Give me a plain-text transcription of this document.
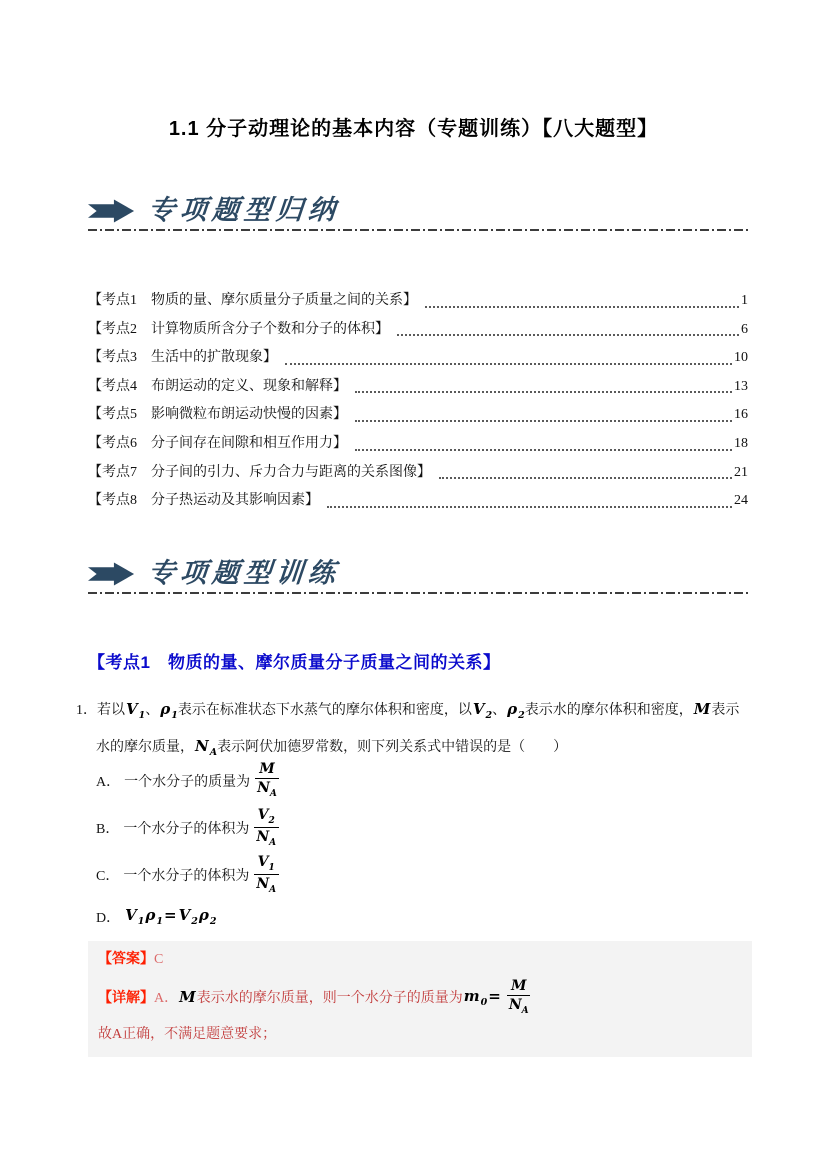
1.1 分子动理论的基本内容（专题训练）【八大题型】
专项题型归纳
【考点1　物质的量、摩尔质量分子质量之间的关系】	1
【考点2　计算物质所含分子个数和分子的体积】	6
【考点3　生活中的扩散现象】	10
【考点4　布朗运动的定义、现象和解释】	13
【考点5　影响微粒布朗运动快慢的因素】	16
【考点6　分子间存在间隙和相互作用力】	18
【考点7　分子间的引力、斥力合力与距离的关系图像】	21
【考点8　分子热运动及其影响因素】	24
专项题型训练
【考点1　物质的量、摩尔质量分子质量之间的关系】
1．若以$V_1$、$\rho_1$表示在标准状态下水蒸气的摩尔体积和密度，以$V_2$、$\rho_2$表示水的摩尔体积和密度，M表示
水的摩尔质量，$N_A$表示阿伏加德罗常数，则下列关系式中错误的是（　　）
A． 一个水分子的质量为 $\frac{M}{N_A}$
B． 一个水分子的体积为 $\frac{V_2}{N_A}$
C． 一个水分子的体积为 $\frac{V_1}{N_A}$
D． $V_1\rho_1= V_2\rho_2$

【答案】C

【详解】 A． M 表示水的摩尔质量，则一个水分子的质量为 $m_0= \frac{M}{N_A}$

故A正确，不满足题意要求；
